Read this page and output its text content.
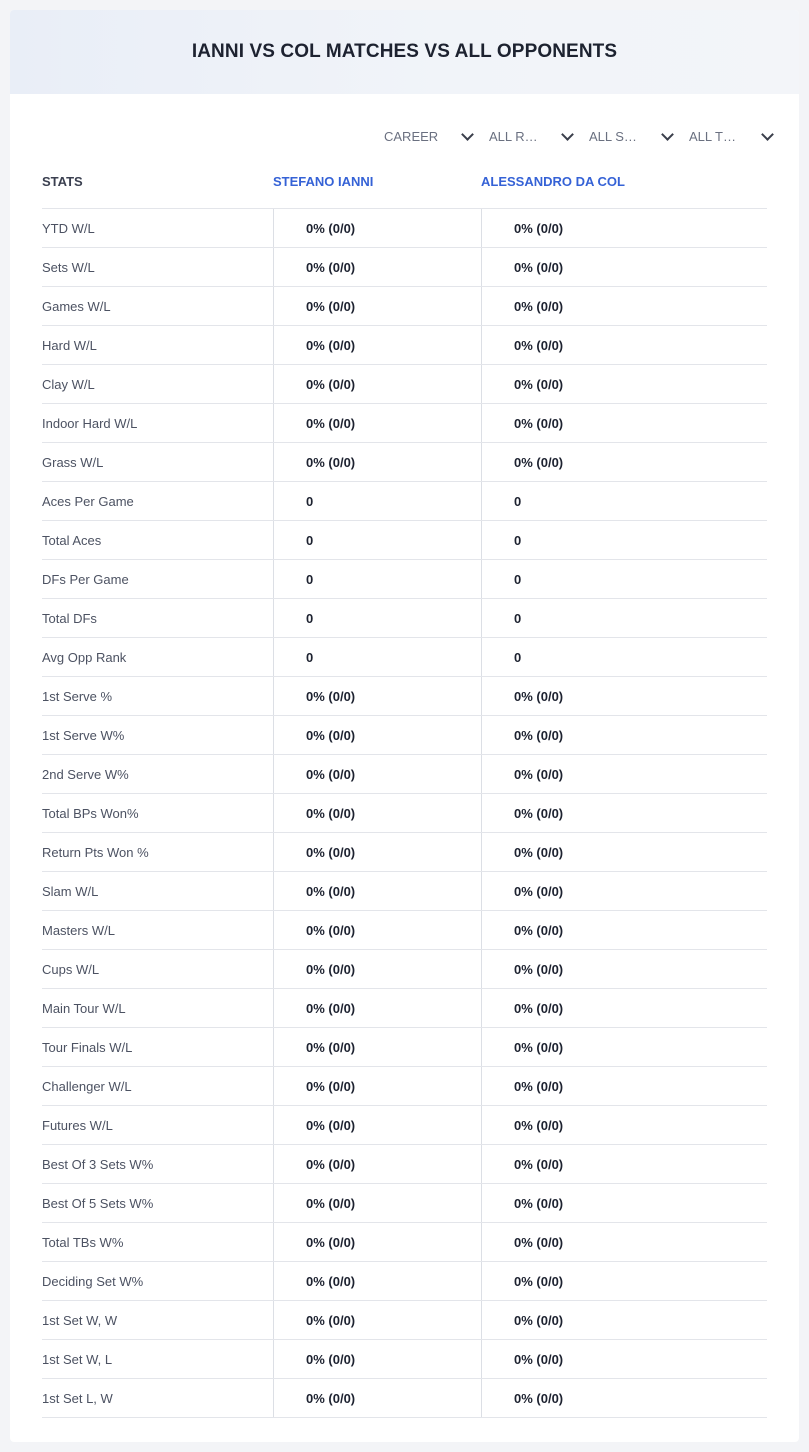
IANNI VS COL MATCHES VS ALL OPPONENTS
CAREER	ALL R…	ALL S…	ALL T…
STATS	STEFANO IANNI	ALESSANDRO DA COL
YTD W/L	0% (0/0)	0% (0/0)
Sets W/L	0% (0/0)	0% (0/0)
Games W/L	0% (0/0)	0% (0/0)
Hard W/L	0% (0/0)	0% (0/0)
Clay W/L	0% (0/0)	0% (0/0)
Indoor Hard W/L	0% (0/0)	0% (0/0)
Grass W/L	0% (0/0)	0% (0/0)
Aces Per Game	0	0
Total Aces	0	0
DFs Per Game	0	0
Total DFs	0	0
Avg Opp Rank	0	0
1st Serve %	0% (0/0)	0% (0/0)
1st Serve W%	0% (0/0)	0% (0/0)
2nd Serve W%	0% (0/0)	0% (0/0)
Total BPs Won%	0% (0/0)	0% (0/0)
Return Pts Won %	0% (0/0)	0% (0/0)
Slam W/L	0% (0/0)	0% (0/0)
Masters W/L	0% (0/0)	0% (0/0)
Cups W/L	0% (0/0)	0% (0/0)
Main Tour W/L	0% (0/0)	0% (0/0)
Tour Finals W/L	0% (0/0)	0% (0/0)
Challenger W/L	0% (0/0)	0% (0/0)
Futures W/L	0% (0/0)	0% (0/0)
Best Of 3 Sets W%	0% (0/0)	0% (0/0)
Best Of 5 Sets W%	0% (0/0)	0% (0/0)
Total TBs W%	0% (0/0)	0% (0/0)
Deciding Set W%	0% (0/0)	0% (0/0)
1st Set W, W	0% (0/0)	0% (0/0)
1st Set W, L	0% (0/0)	0% (0/0)
1st Set L, W	0% (0/0)	0% (0/0)
